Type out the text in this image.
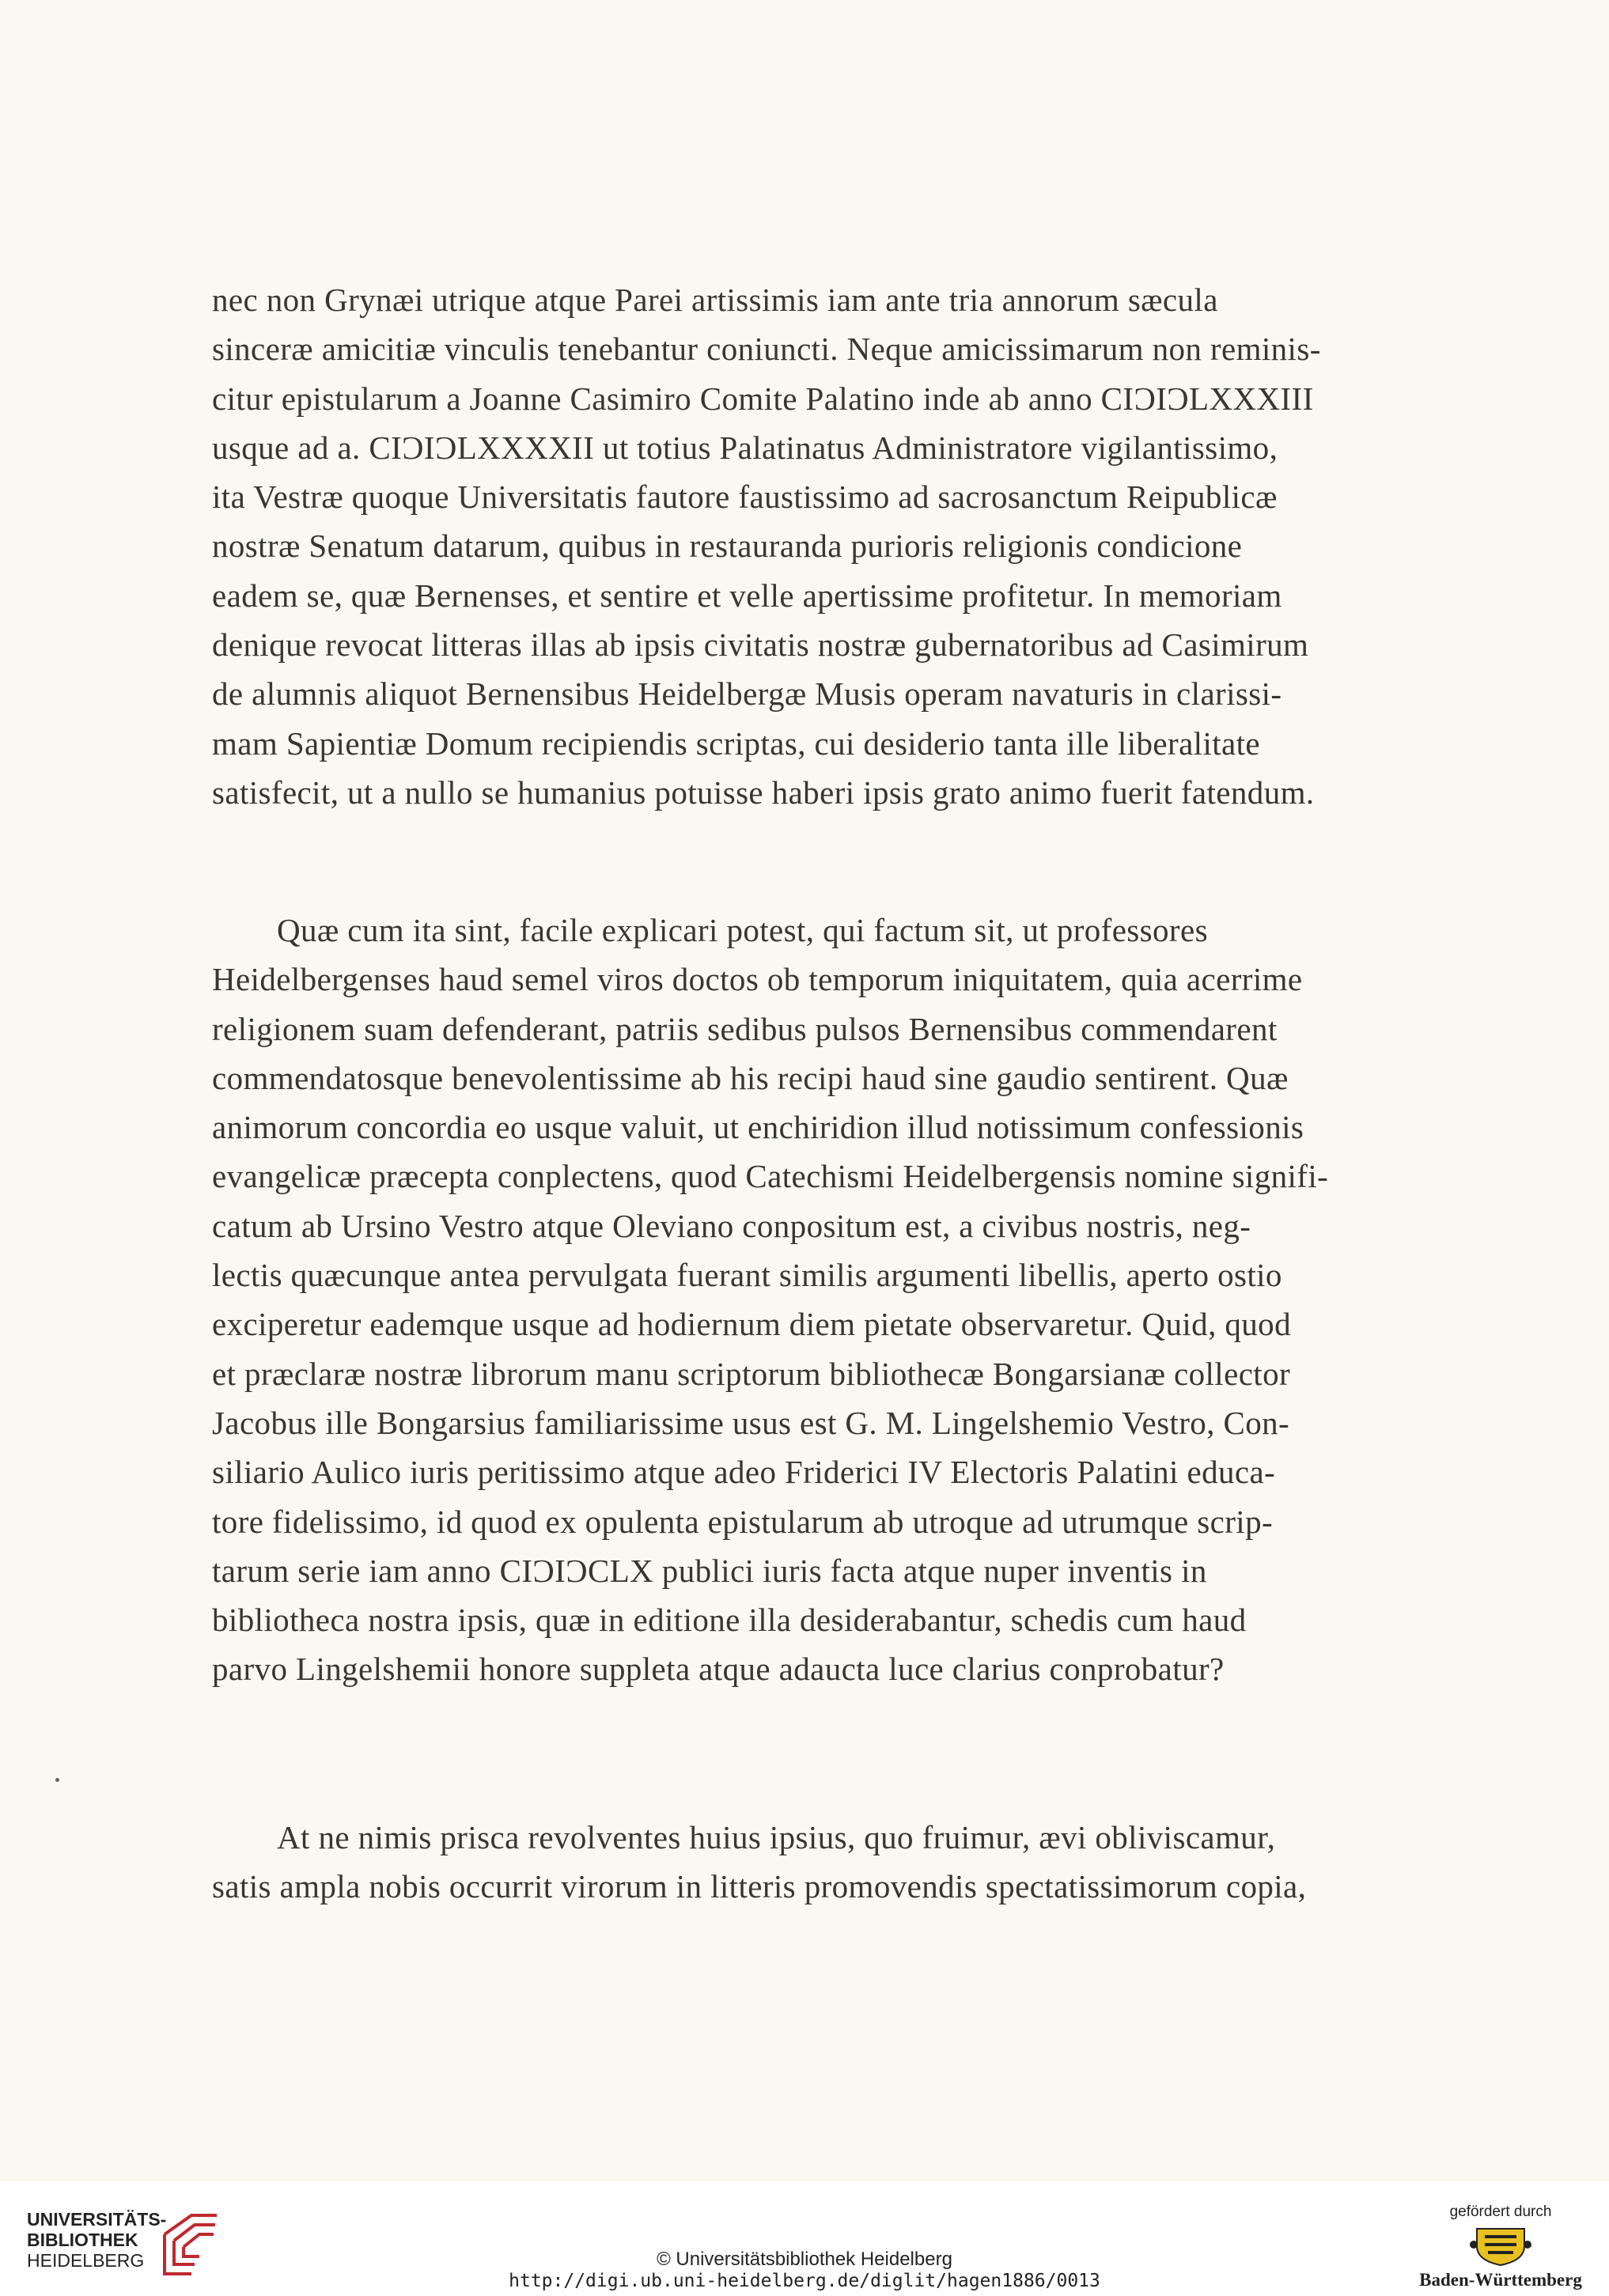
nec non Grynæi utrique atque Parei artissimis iam ante tria annorum sæcula
sinceræ amicitiæ vinculis tenebantur coniuncti. Neque amicissimarum non reminis-
citur epistularum a Joanne Casimiro Comite Palatino inde ab anno CIƆIƆLXXXIII
usque ad a. CIƆIƆLXXXXII ut totius Palatinatus Administratore vigilantissimo,
ita Vestræ quoque Universitatis fautore faustissimo ad sacrosanctum Reipublicæ
nostræ Senatum datarum, quibus in restauranda purioris religionis condicione
eadem se, quæ Bernenses, et sentire et velle apertissime profitetur. In memoriam
denique revocat litteras illas ab ipsis civitatis nostræ gubernatoribus ad Casimirum
de alumnis aliquot Bernensibus Heidelbergæ Musis operam navaturis in clarissi-
mam Sapientiæ Domum recipiendis scriptas, cui desiderio tanta ille liberalitate
satisfecit, ut a nullo se humanius potuisse haberi ipsis grato animo fuerit fatendum.
Quæ cum ita sint, facile explicari potest, qui factum sit, ut professores
Heidelbergenses haud semel viros doctos ob temporum iniquitatem, quia acerrime
religionem suam defenderant, patriis sedibus pulsos Bernensibus commendarent
commendatosque benevolentissime ab his recipi haud sine gaudio sentirent. Quæ
animorum concordia eo usque valuit, ut enchiridion illud notissimum confessionis
evangelicæ præcepta conplectens, quod Catechismi Heidelbergensis nomine signifi-
catum ab Ursino Vestro atque Oleviano conpositum est, a civibus nostris, neg-
lectis quæcunque antea pervulgata fuerant similis argumenti libellis, aperto ostio
exciperetur eademque usque ad hodiernum diem pietate observaretur. Quid, quod
et præclaræ nostræ librorum manu scriptorum bibliothecæ Bongarsianæ collector
Jacobus ille Bongarsius familiarissime usus est G. M. Lingelshemio Vestro, Con-
siliario Aulico iuris peritissimo atque adeo Friderici IV Electoris Palatini educa-
tore fidelissimo, id quod ex opulenta epistularum ab utroque ad utrumque scrip-
tarum serie iam anno CIƆIƆCLX publici iuris facta atque nuper inventis in
bibliotheca nostra ipsis, quæ in editione illa desiderabantur, schedis cum haud
parvo Lingelshemii honore suppleta atque adaucta luce clarius conprobatur?
At ne nimis prisca revolventes huius ipsius, quo fruimur, ævi obliviscamur,
satis ampla nobis occurrit virorum in litteris promovendis spectatissimorum copia,
UNIVERSITÄTS-
BIBLIOTHEK
HEIDELBERG	© Universitätsbibliothek Heidelberg
http://digi.ub.uni-heidelberg.de/diglit/hagen1886/0013
gefördert durch
Baden-Württemberg
